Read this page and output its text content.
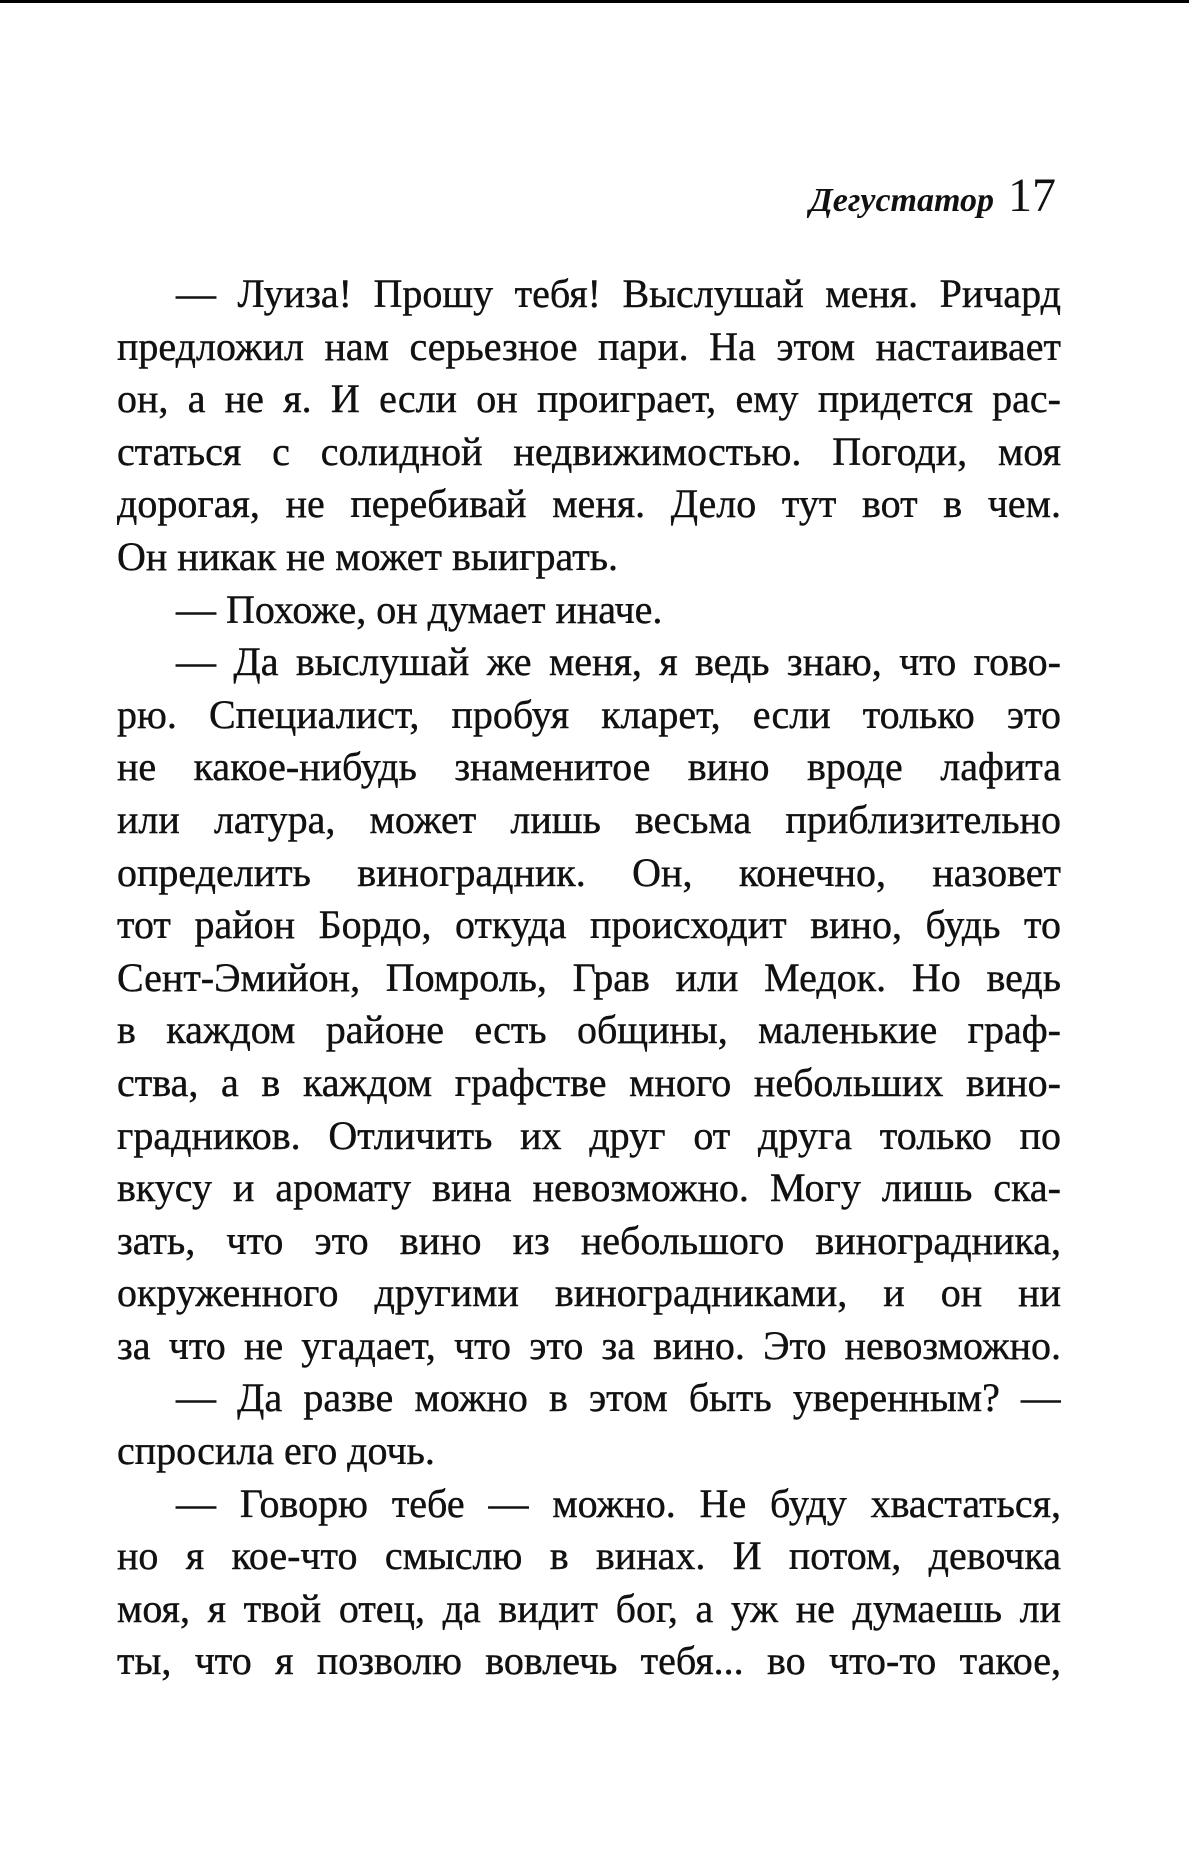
Дегустатор 17
— Луиза! Прошу тебя! Выслушай меня. Ричард
предложил нам серьезное пари. На этом настаивает
он, а не я. И если он проиграет, ему придется рас-
статься с солидной недвижимостью. Погоди, моя
дорогая, не перебивай меня. Дело тут вот в чем.
Он никак не может выиграть.
— Похоже, он думает иначе.
— Да выслушай же меня, я ведь знаю, что гово-
рю. Специалист, пробуя кларет, если только это
не какое-нибудь знаменитое вино вроде лафита
или латура, может лишь весьма приблизительно
определить виноградник. Он, конечно, назовет
тот район Бордо, откуда происходит вино, будь то
Сент-Эмийон, Помроль, Грав или Медок. Но ведь
в каждом районе есть общины, маленькие граф-
ства, а в каждом графстве много небольших вино-
градников. Отличить их друг от друга только по
вкусу и аромату вина невозможно. Могу лишь ска-
зать, что это вино из небольшого виноградника,
окруженного другими виноградниками, и он ни
за что не угадает, что это за вино. Это невозможно.
— Да разве можно в этом быть уверенным? —
спросила его дочь.
— Говорю тебе — можно. Не буду хвастаться,
но я кое-что смыслю в винах. И потом, девочка
моя, я твой отец, да видит бог, а уж не думаешь ли
ты, что я позволю вовлечь тебя... во что-то такое,
